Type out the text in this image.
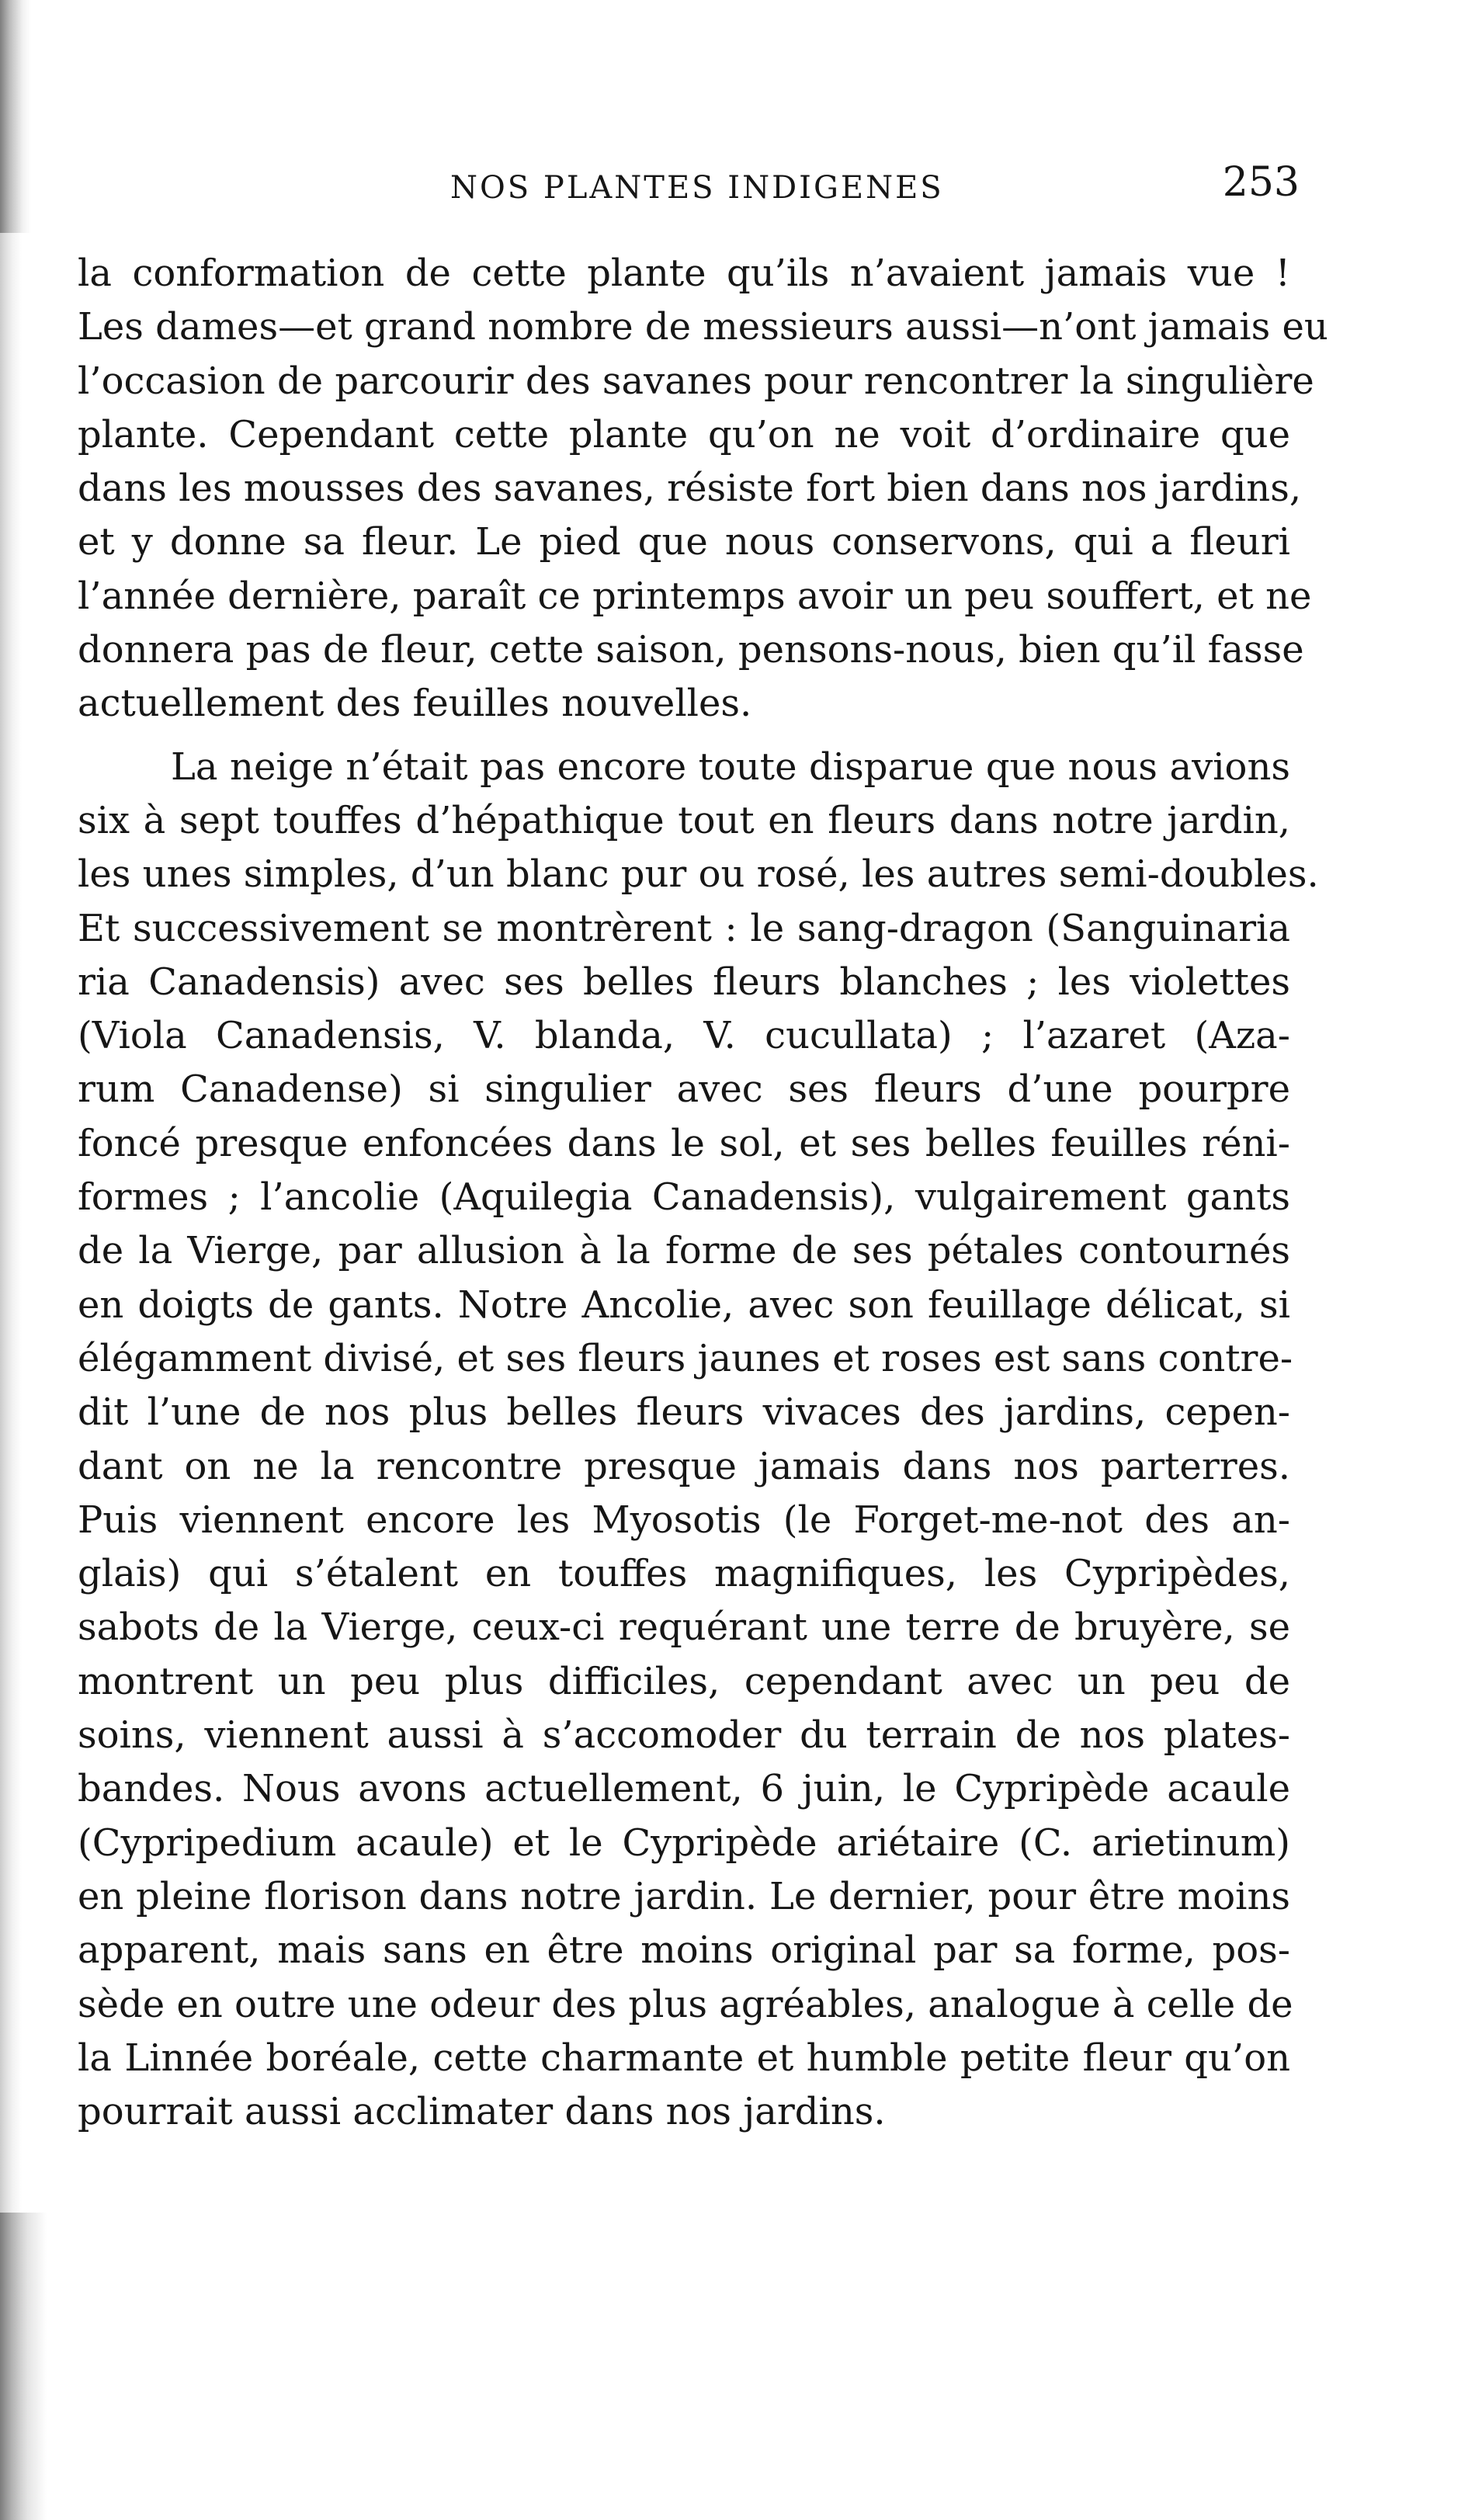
NOS PLANTES INDIGENES	253
la conformation de cette plante qu’ils n’avaient jamais vue !
Les dames—et grand nombre de messieurs aussi—n’ont jamais eu
l’occasion de parcourir des savanes pour rencontrer la singulière
plante. Cependant cette plante qu’on ne voit d’ordinaire que
dans les mousses des savanes, résiste fort bien dans nos jardins,
et y donne sa fleur. Le pied que nous conservons, qui a fleuri
l’année dernière, paraît ce printemps avoir un peu souffert, et ne
donnera pas de fleur, cette saison, pensons-nous, bien qu’il fasse
actuellement des feuilles nouvelles.
La neige n’était pas encore toute disparue que nous avions
six à sept touffes d’hépathique tout en fleurs dans notre jardin,
les unes simples, d’un blanc pur ou rosé, les autres semi-doubles.
Et successivement se montrèrent : le sang-dragon (Sanguinaria
ria Canadensis) avec ses belles fleurs blanches ; les violettes
(Viola Canadensis, V. blanda, V. cucullata) ; l’azaret (Aza-
rum Canadense) si singulier avec ses fleurs d’une pourpre
foncé presque enfoncées dans le sol, et ses belles feuilles réni-
formes ; l’ancolie (Aquilegia Canadensis), vulgairement gants
de la Vierge, par allusion à la forme de ses pétales contournés
en doigts de gants. Notre Ancolie, avec son feuillage délicat, si
élégamment divisé, et ses fleurs jaunes et roses est sans contre-
dit l’une de nos plus belles fleurs vivaces des jardins, cepen-
dant on ne la rencontre presque jamais dans nos parterres.
Puis viennent encore les Myosotis (le Forget-me-not des an-
glais) qui s’étalent en touffes magnifiques, les Cypripèdes,
sabots de la Vierge, ceux-ci requérant une terre de bruyère, se
montrent un peu plus difficiles, cependant avec un peu de
soins, viennent aussi à s’accomoder du terrain de nos plates-
bandes. Nous avons actuellement, 6 juin, le Cypripède acaule
(Cypripedium acaule) et le Cypripède ariétaire (C. arietinum)
en pleine florison dans notre jardin. Le dernier, pour être moins
apparent, mais sans en être moins original par sa forme, pos-
sède en outre une odeur des plus agréables, analogue à celle de
la Linnée boréale, cette charmante et humble petite fleur qu’on
pourrait aussi acclimater dans nos jardins.
